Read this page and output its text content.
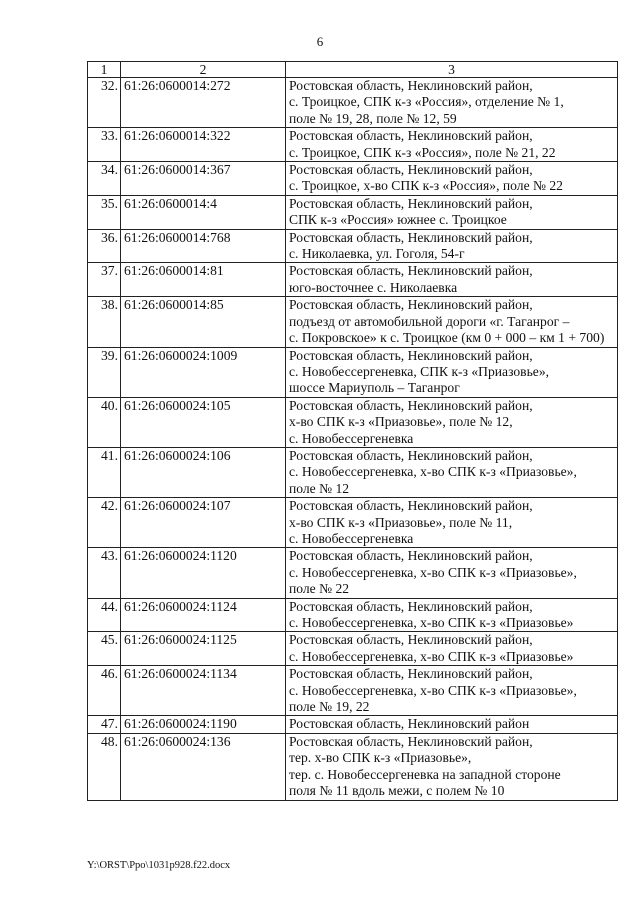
6
1	2	3
32.	61:26:0600014:272	Ростовская область, Неклиновский район,
с. Троицкое, СПК к-з «Россия», отделение № 1,
поле № 19, 28, поле № 12, 59

33.	61:26:0600014:322	Ростовская область, Неклиновский район,
с. Троицкое, СПК к-з «Россия», поле № 21, 22

34.	61:26:0600014:367	Ростовская область, Неклиновский район,
с. Троицкое, х-во СПК к-з «Россия», поле № 22

35.	61:26:0600014:4	Ростовская область, Неклиновский район,
СПК к-з «Россия» южнее с. Троицкое

36.	61:26:0600014:768	Ростовская область, Неклиновский район,
с. Николаевка, ул. Гоголя, 54-г

37.	61:26:0600014:81	Ростовская область, Неклиновский район,
юго-восточнее с. Николаевка

38.	61:26:0600014:85	Ростовская область, Неклиновский район,
подъезд от автомобильной дороги «г. Таганрог –
с. Покровское» к с. Троицкое (км 0 + 000 – км 1 + 700)

39.	61:26:0600024:1009	Ростовская область, Неклиновский район,
с. Новобессергеневка, СПК к-з «Приазовье»,
шоссе Мариуполь – Таганрог

40.	61:26:0600024:105	Ростовская область, Неклиновский район,
х-во СПК к-з «Приазовье», поле № 12,
с. Новобессергеневка

41.	61:26:0600024:106	Ростовская область, Неклиновский район,
с. Новобессергеневка, х-во СПК к-з «Приазовье»,
поле № 12

42.	61:26:0600024:107	Ростовская область, Неклиновский район,
х-во СПК к-з «Приазовье», поле № 11,
с. Новобессергеневка

43.	61:26:0600024:1120	Ростовская область, Неклиновский район,
с. Новобессергеневка, х-во СПК к-з «Приазовье»,
поле № 22

44.	61:26:0600024:1124	Ростовская область, Неклиновский район,
с. Новобессергеневка, х-во СПК к-з «Приазовье»

45.	61:26:0600024:1125	Ростовская область, Неклиновский район,
с. Новобессергеневка, х-во СПК к-з «Приазовье»

46.	61:26:0600024:1134	Ростовская область, Неклиновский район,
с. Новобессергеневка, х-во СПК к-з «Приазовье»,
поле № 19, 22

47.	61:26:0600024:1190	Ростовская область, Неклиновский район

48.	61:26:0600024:136	Ростовская область, Неклиновский район,
тер. х-во СПК к-з «Приазовье»,
тер. с. Новобессергеневка на западной стороне
поля № 11 вдоль межи, с полем № 10
Y:\ORST\Ppo\1031p928.f22.docx
